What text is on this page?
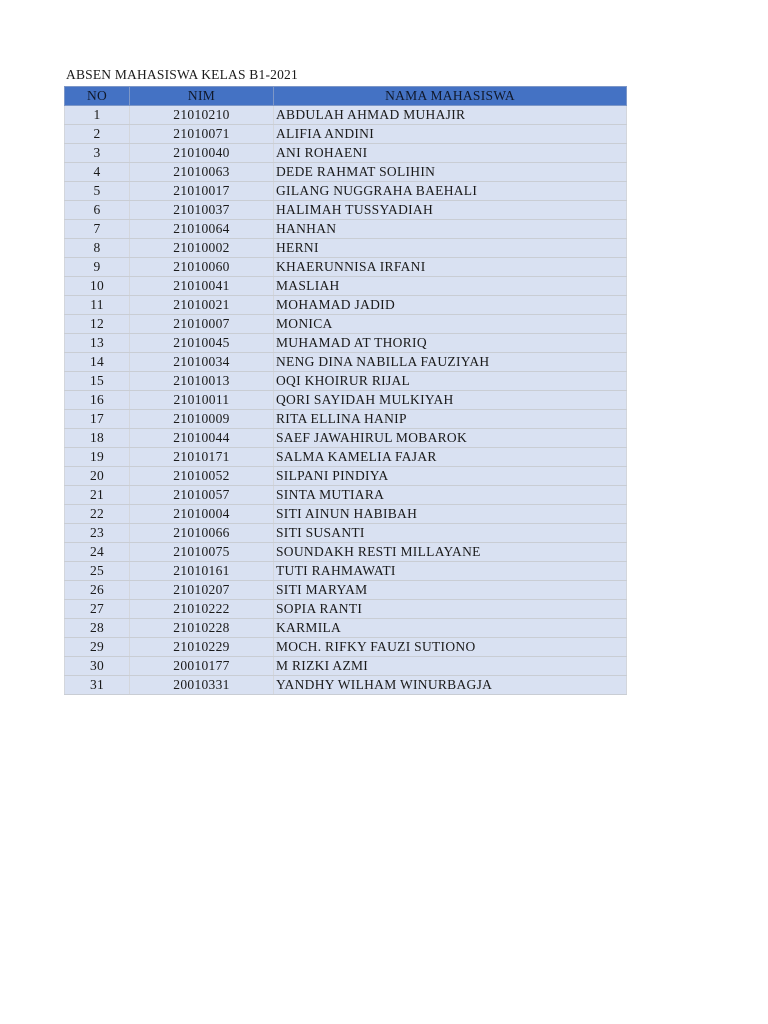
ABSEN MAHASISWA KELAS B1-2021
NO	NIM	NAMA MAHASISWA
1	21010210	ABDULAH AHMAD MUHAJIR
2	21010071	ALIFIA ANDINI
3	21010040	ANI ROHAENI
4	21010063	DEDE RAHMAT SOLIHIN
5	21010017	GILANG NUGGRAHA BAEHALI
6	21010037	HALIMAH TUSSYADIAH
7	21010064	HANHAN
8	21010002	HERNI
9	21010060	KHAERUNNISA IRFANI
10	21010041	MASLIAH
11	21010021	MOHAMAD JADID
12	21010007	MONICA
13	21010045	MUHAMAD AT THORIQ
14	21010034	NENG DINA NABILLA FAUZIYAH
15	21010013	OQI KHOIRUR RIJAL
16	21010011	QORI SAYIDAH MULKIYAH
17	21010009	RITA ELLINA HANIP
18	21010044	SAEF JAWAHIRUL MOBAROK
19	21010171	SALMA KAMELIA FAJAR
20	21010052	SILPANI PINDIYA
21	21010057	SINTA MUTIARA
22	21010004	SITI AINUN HABIBAH
23	21010066	SITI SUSANTI
24	21010075	SOUNDAKH RESTI MILLAYANE
25	21010161	TUTI RAHMAWATI
26	21010207	SITI MARYAM
27	21010222	SOPIA RANTI
28	21010228	KARMILA
29	21010229	MOCH. RIFKY FAUZI SUTIONO
30	20010177	M RIZKI AZMI
31	20010331	YANDHY WILHAM WINURBAGJA
